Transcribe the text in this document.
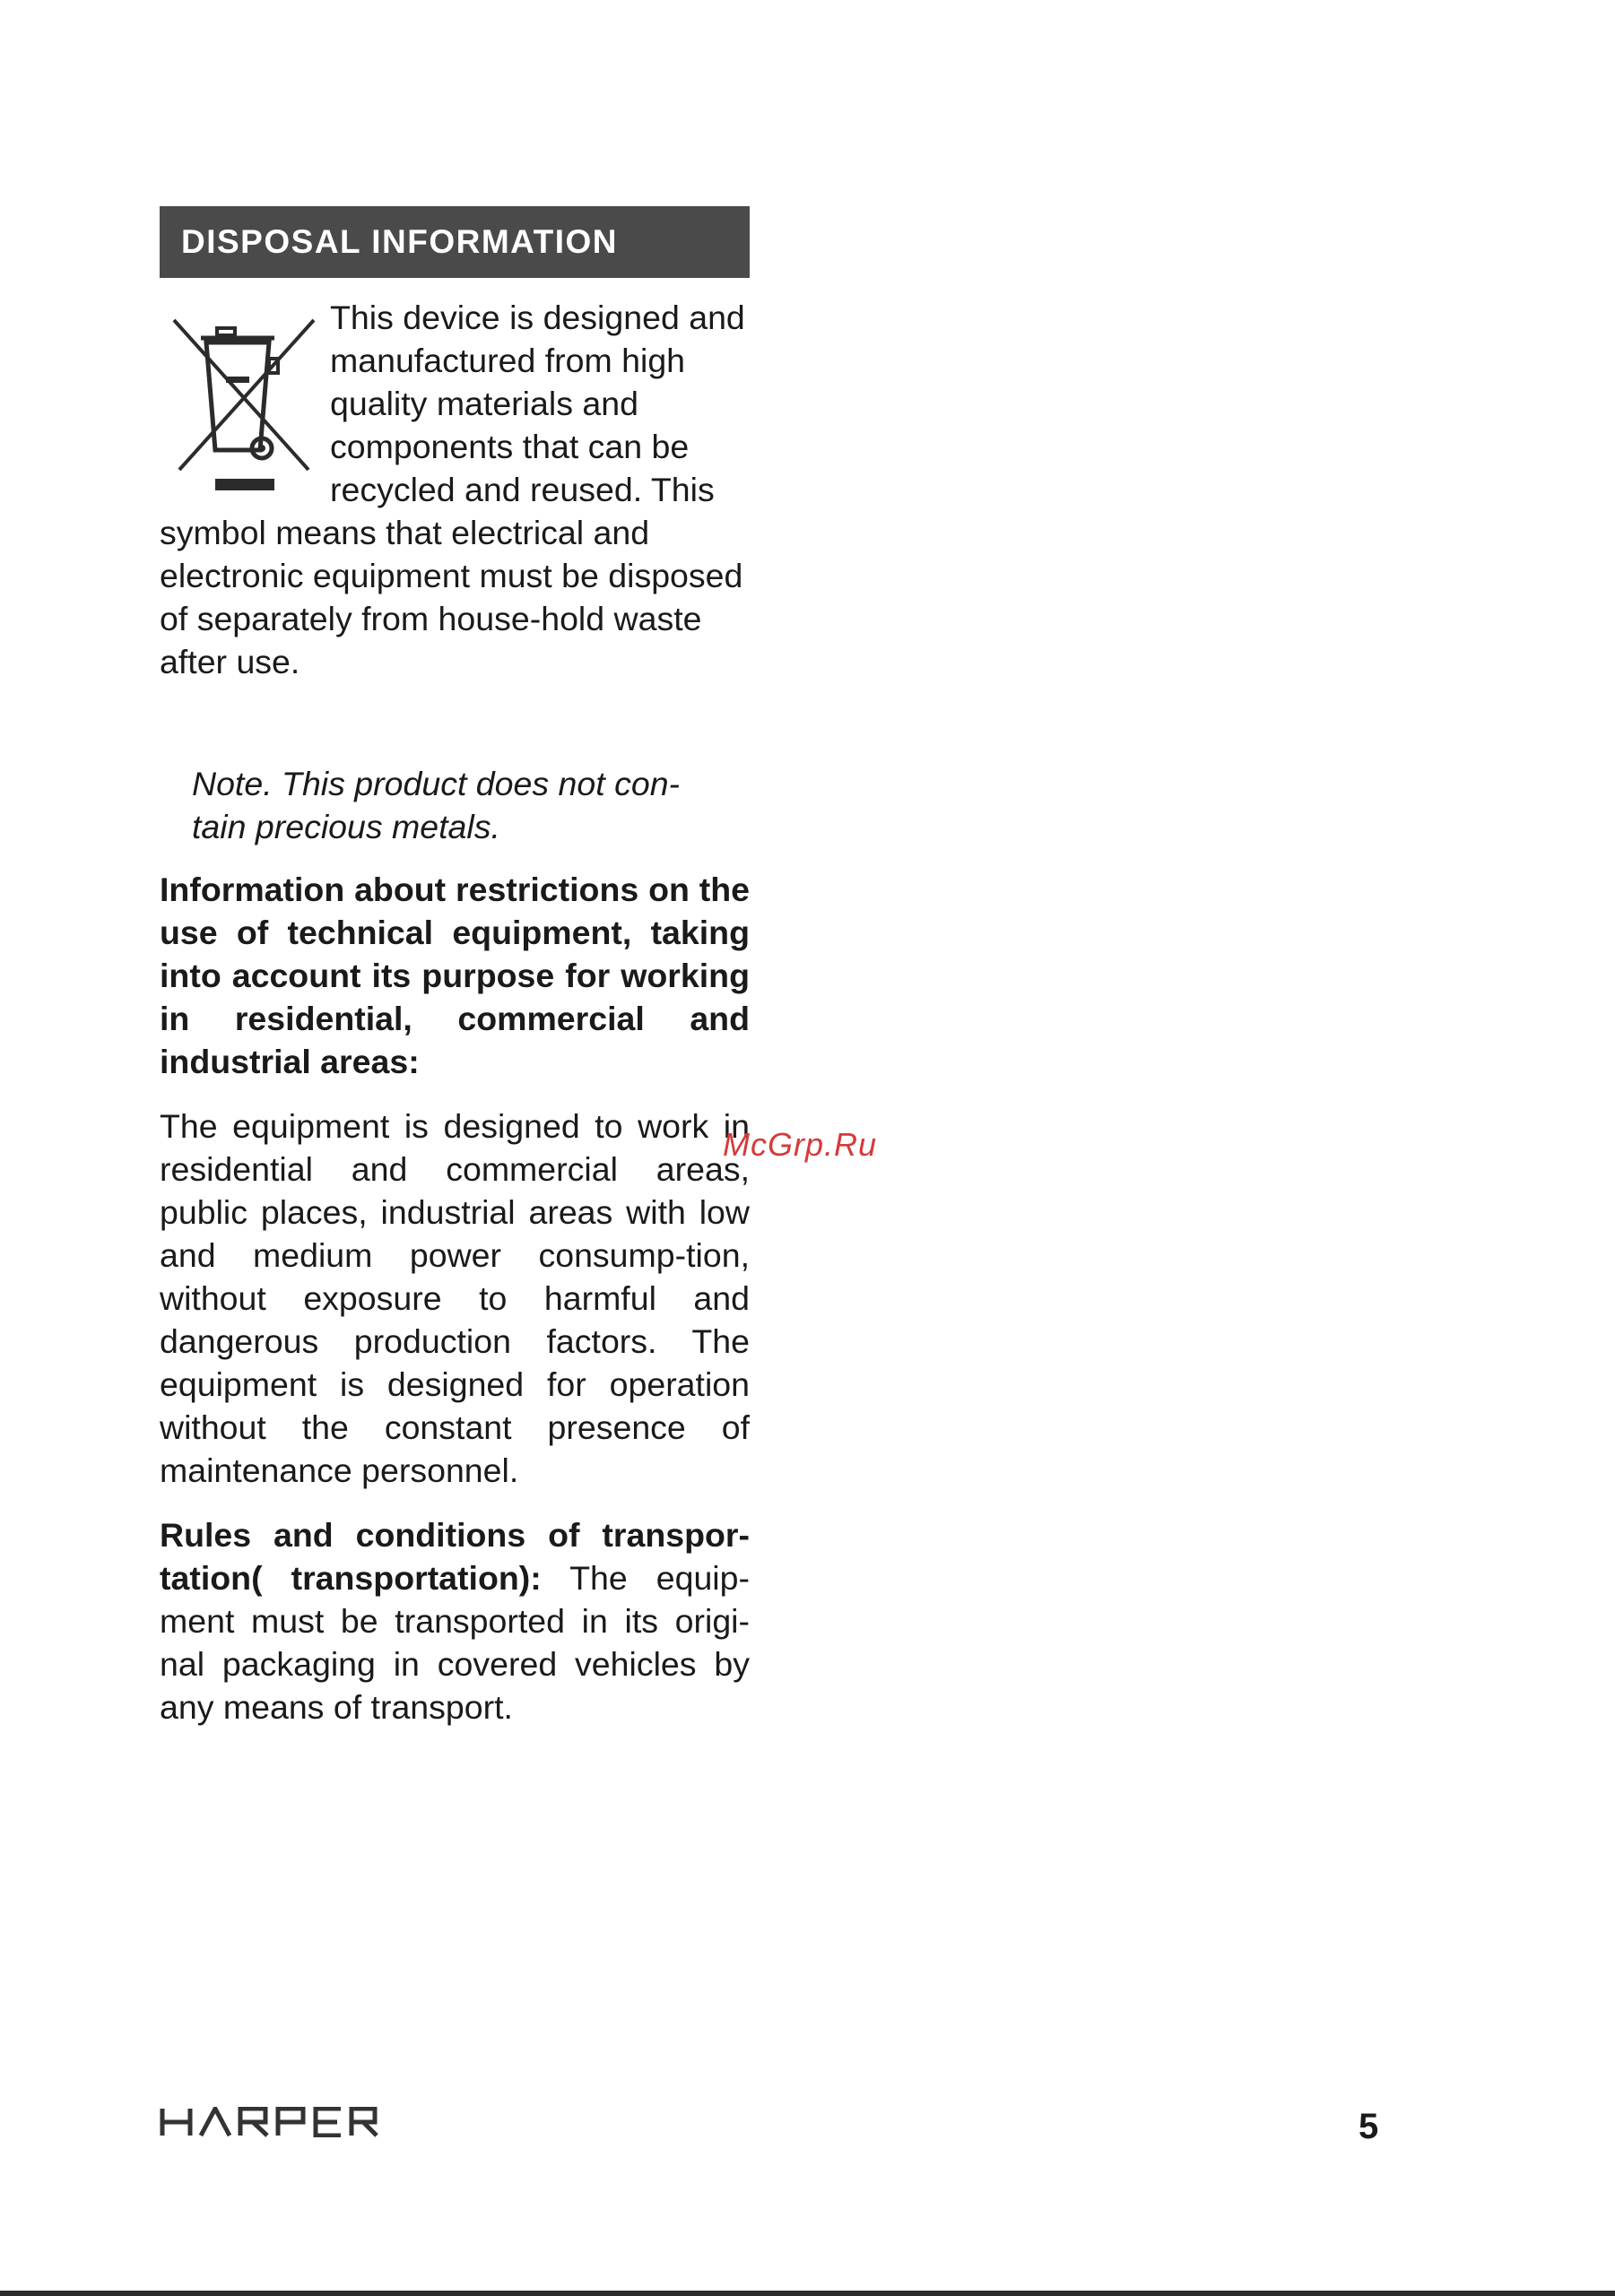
DISPOSAL INFORMATION

This device is designed and manufactured from high quality materials and components that can be recycled and reused. This symbol means that electrical and electronic equipment must be disposed of separately from house-hold waste after use.

Note. This product does not con-tain precious metals.

Information about restrictions on the use of technical equipment, taking into account its purpose for working in residential, commercial and industrial areas:

The equipment is designed to work in residential and commercial areas, public places, industrial areas with low and medium power consump-tion, without exposure to harmful and dangerous production factors. The equipment is designed for operation without the constant presence of maintenance personnel.

Rules and conditions of transpor-tation( transportation): The equip-ment must be transported in its origi-nal packaging in covered vehicles by any means of transport.

McGrp.Ru
5
